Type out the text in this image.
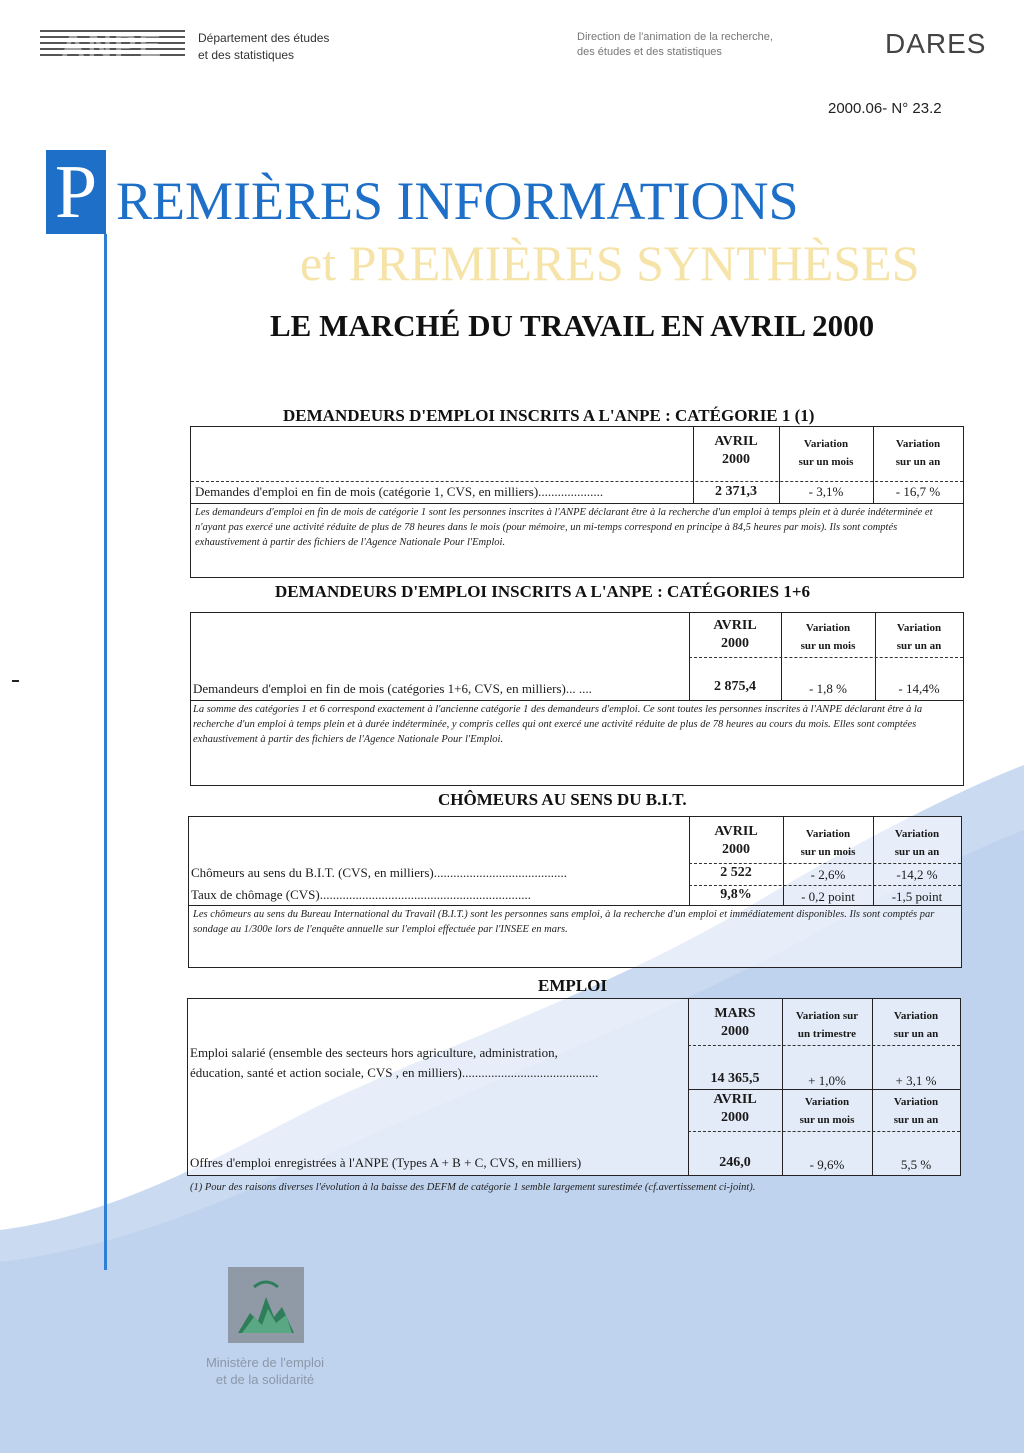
ANPE	Département des études
et des statistiques
Direction de l'animation de la recherche,
des études et des statistiques	DARES
2000.06- N° 23.2
P REMIÈRES INFORMATIONS
et PREMIÈRES SYNTHÈSES
LE MARCHÉ DU TRAVAIL EN AVRIL 2000
DEMANDEURS D'EMPLOI INSCRITS A L'ANPE : CATÉGORIE 1 (1)
AVRIL
2000
Variation
sur un mois
Variation
sur un an
Demandes d'emploi en fin de mois (catégorie 1, CVS, en milliers)....................	2 371,3	- 3,1%	- 16,7 %
Les demandeurs d'emploi en fin de mois de catégorie 1 sont les personnes inscrites à l'ANPE déclarant être à la recherche d'un emploi à temps plein et à durée indéterminée et n'ayant pas exercé une activité réduite de plus de 78 heures dans le mois (pour mémoire, un mi-temps correspond en principe à 84,5 heures par mois). Ils sont comptés exhaustivement à partir des fichiers de l'Agence Nationale Pour l'Emploi.
DEMANDEURS D'EMPLOI INSCRITS A L'ANPE : CATÉGORIES 1+6
AVRIL
2000
Variation
sur un mois
Variation
sur un an
Demandeurs d'emploi en fin de mois (catégories 1+6, CVS, en milliers)... ....	2 875,4	- 1,8 %	- 14,4%
La somme des catégories 1 et 6 correspond exactement à l'ancienne catégorie 1 des demandeurs d'emploi. Ce sont toutes les personnes inscrites à l'ANPE déclarant être à la recherche d'un emploi à temps plein et à durée indéterminée, y compris celles qui ont exercé une activité réduite de plus de 78 heures au cours du mois. Elles sont comptées exhaustivement à partir des fichiers de l'Agence Nationale Pour l'Emploi.
CHÔMEURS AU SENS DU B.I.T.
AVRIL
2000
Variation
sur un mois
Variation
sur un an
Chômeurs au sens du B.I.T. (CVS, en milliers).........................................	2 522	- 2,6%	-14,2 %
Taux de chômage (CVS).................................................................	9,8%	- 0,2 point	-1,5 point
Les chômeurs au sens du Bureau International du Travail (B.I.T.) sont les personnes sans emploi, à la recherche d'un emploi et immédiatement disponibles. Ils sont comptés par sondage au 1/300e lors de l'enquête annuelle sur l'emploi effectuée par l'INSEE en mars.
EMPLOI
MARS
2000
Variation sur
un trimestre
Variation
sur un an
Emploi salarié (ensemble des secteurs hors agriculture, administration,
éducation, santé et action sociale, CVS , en milliers)..........................................	14 365,5	+ 1,0%	+ 3,1 %
AVRIL
2000
Variation
sur un mois
Variation
sur un an
Offres d'emploi enregistrées à l'ANPE (Types A + B + C, CVS, en milliers)	246,0	- 9,6%	5,5 %
(1) Pour des raisons diverses l'évolution à la baisse des DEFM de catégorie 1 semble largement surestimée (cf.avertissement ci-joint).
Ministère de l'emploi
et de la solidarité
